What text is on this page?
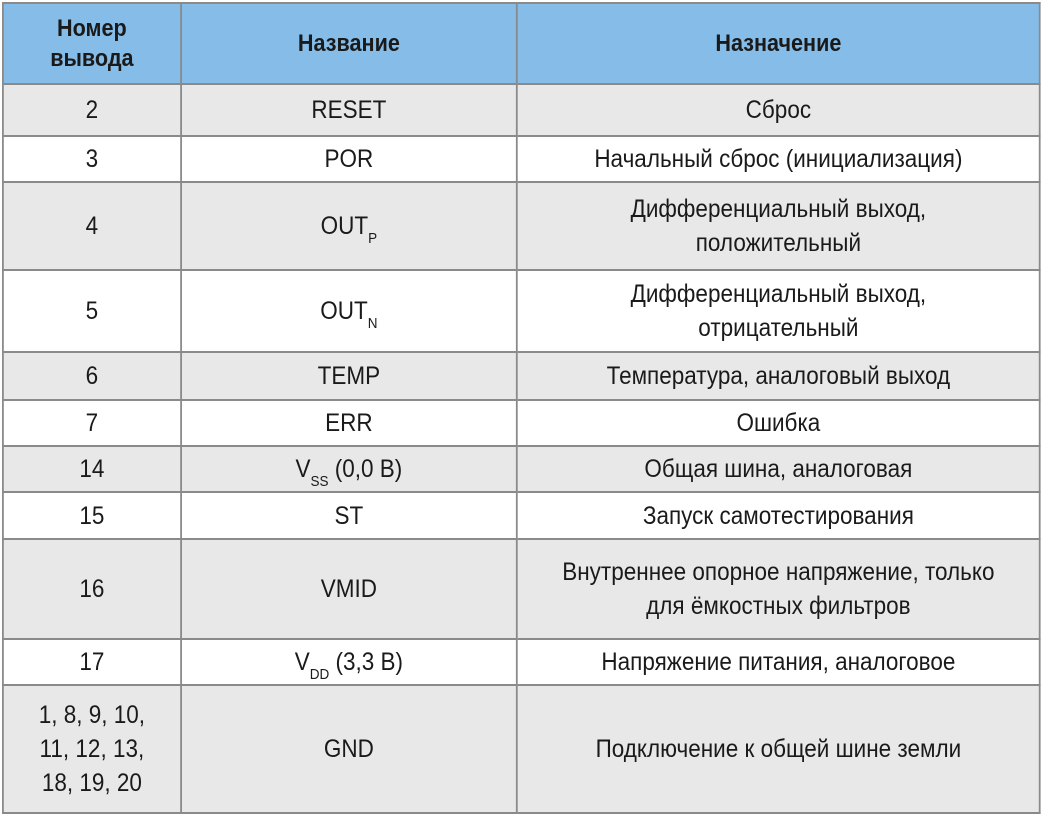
Номер вывода	Название	Назначение
2	RESET	Сброс
3	POR	Начальный сброс (инициализация)
4	$OUT_P$	Дифференциальный выход,
положительный

5	$OUT_N$	Дифференциальный выход,
отрицательный

6	TEMP	Температура, аналоговый выход
7	ERR	Ошибка
14	$V_{SS}$ (0,0 В)	Общая шина, аналоговая
15	ST	Запуск самотестирования
16	VMID	Внутреннее опорное напряжение, только
для ёмкостных фильтров

17	$V_{DD}$ (3,3 В)	Напряжение питания, аналоговое

1, 8, 9, 10,
11, 12, 13,
18, 19, 20	GND	Подключение к общей шине земли
